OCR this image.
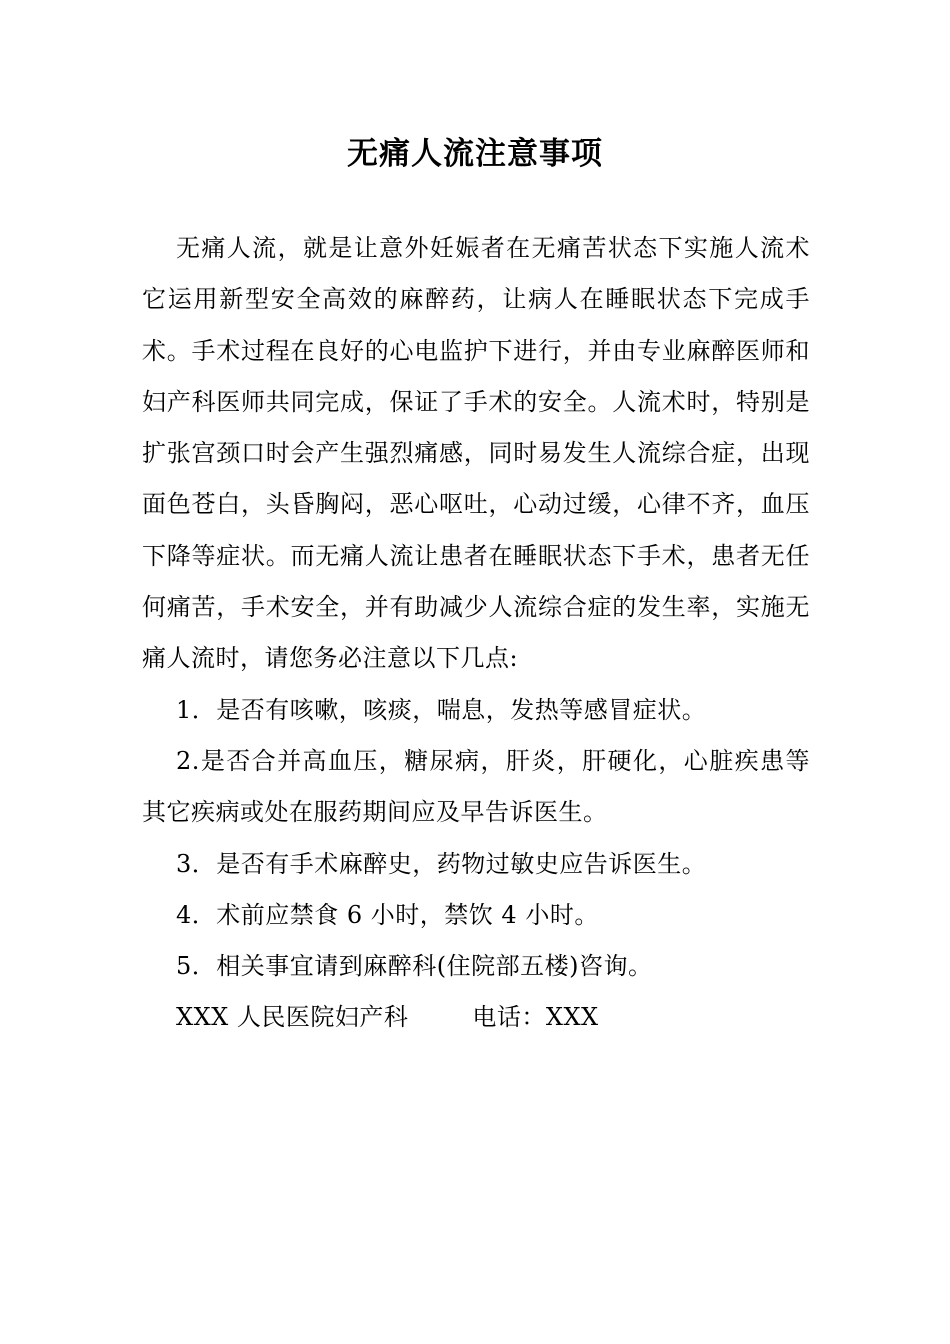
无痛人流注意事项

无痛人流，就是让意外妊娠者在无痛苦状态下实施人流术它运用新型安全高效的麻醉药，让病人在睡眠状态下完成手术。手术过程在良好的心电监护下进行，并由专业麻醉医师和妇产科医师共同完成，保证了手术的安全。人流术时，特别是扩张宫颈口时会产生强烈痛感，同时易发生人流综合症，出现面色苍白，头昏胸闷，恶心呕吐，心动过缓，心律不齐，血压下降等症状。而无痛人流让患者在睡眠状态下手术，患者无任何痛苦，手术安全，并有助减少人流综合症的发生率，实施无痛人流时，请您务必注意以下几点:

1．是否有咳嗽，咳痰，喘息，发热等感冒症状。

2.是否合并高血压，糖尿病，肝炎，肝硬化，心脏疾患等其它疾病或处在服药期间应及早告诉医生。

3．是否有手术麻醉史，药物过敏史应告诉医生。

4．术前应禁食 6 小时，禁饮 4 小时。

5．相关事宜请到麻醉科(住院部五楼)咨询。

XXX 人民医院妇产科	电话：XXX
